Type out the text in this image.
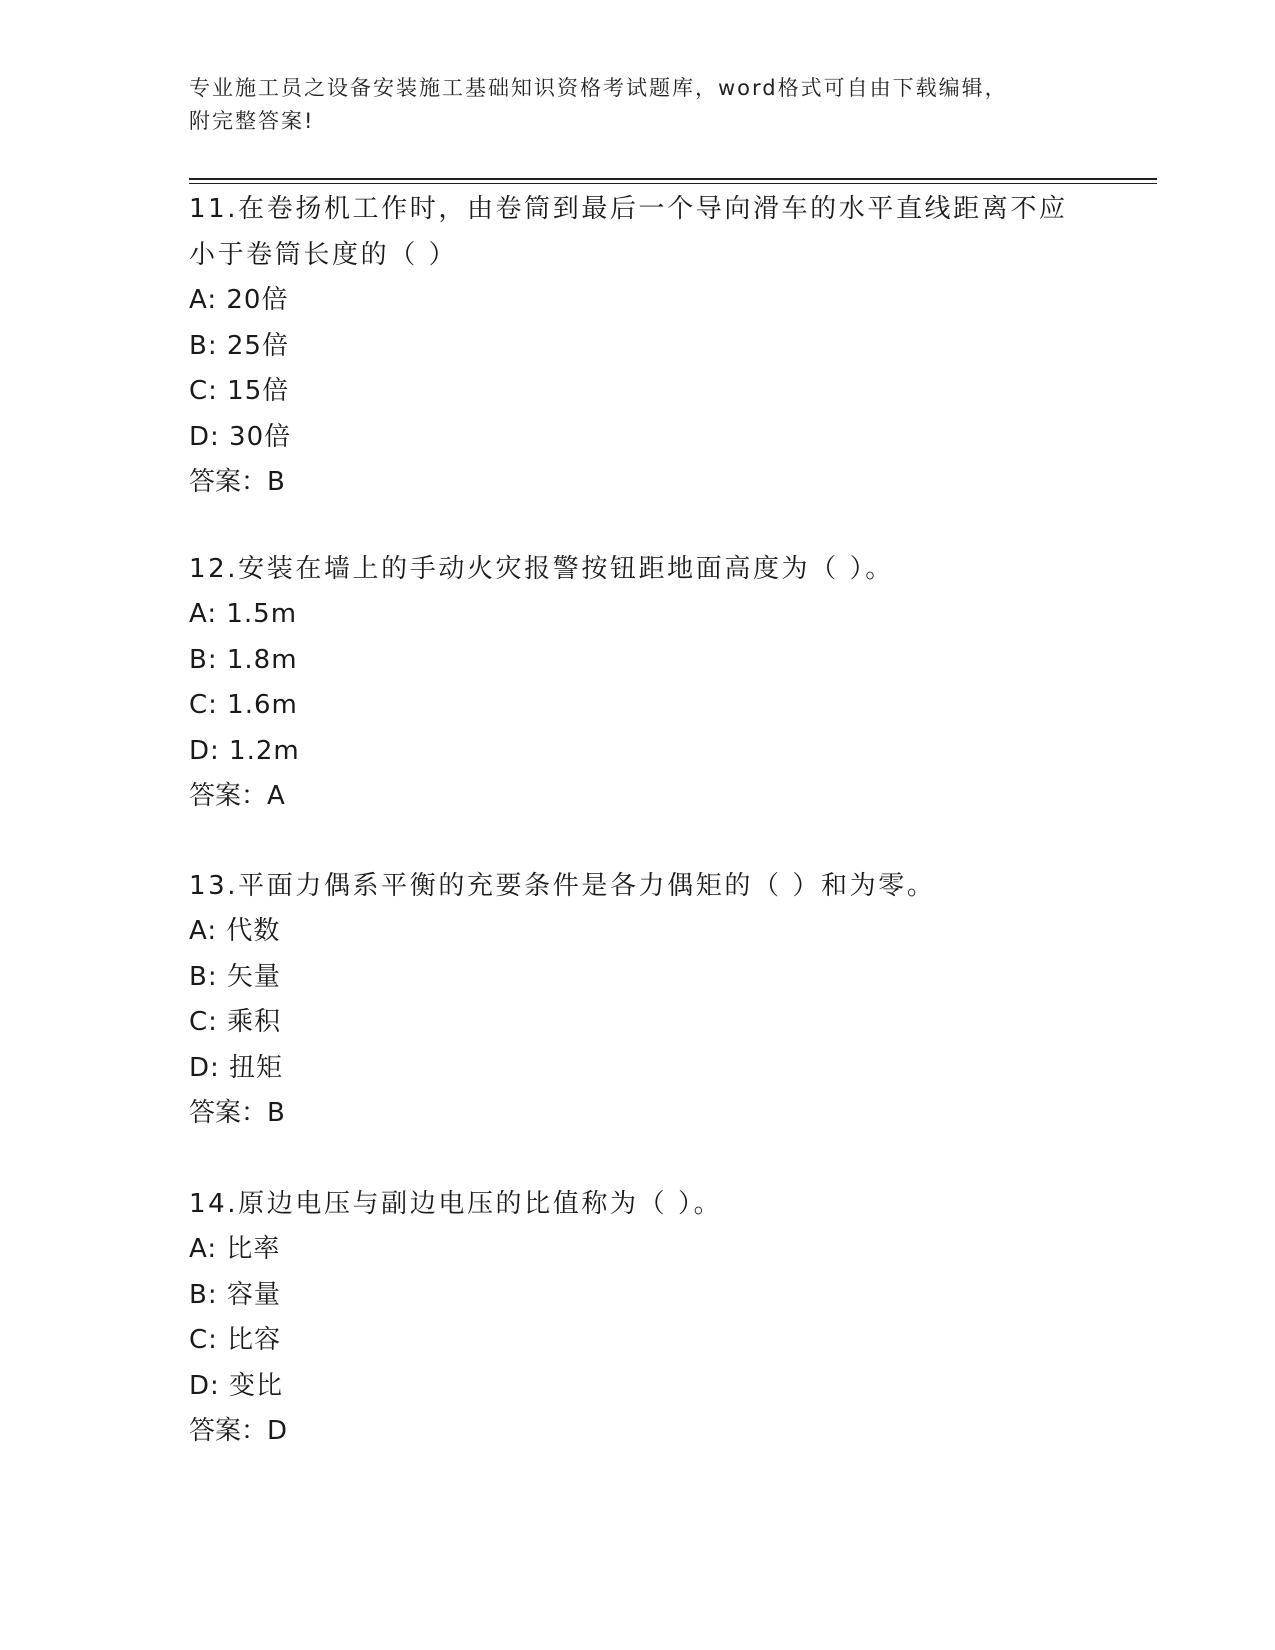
专业施工员之设备安装施工基础知识资格考试题库，word格式可自由下载编辑，

附完整答案!

11.在卷扬机工作时，由卷筒到最后一个导向滑车的水平直线距离不应小于卷筒长度的（ ）

A: 20倍

B: 25倍

C: 15倍

D: 30倍

答案：B

12.安装在墙上的手动火灾报警按钮距地面高度为（ ）。

A: 1.5m

B: 1.8m

C: 1.6m

D: 1.2m

答案：A

13.平面力偶系平衡的充要条件是各力偶矩的（ ）和为零。

A: 代数

B: 矢量

C: 乘积

D: 扭矩

答案：B

14.原边电压与副边电压的比值称为（ ）。

A: 比率

B: 容量

C: 比容

D: 变比

答案：D
